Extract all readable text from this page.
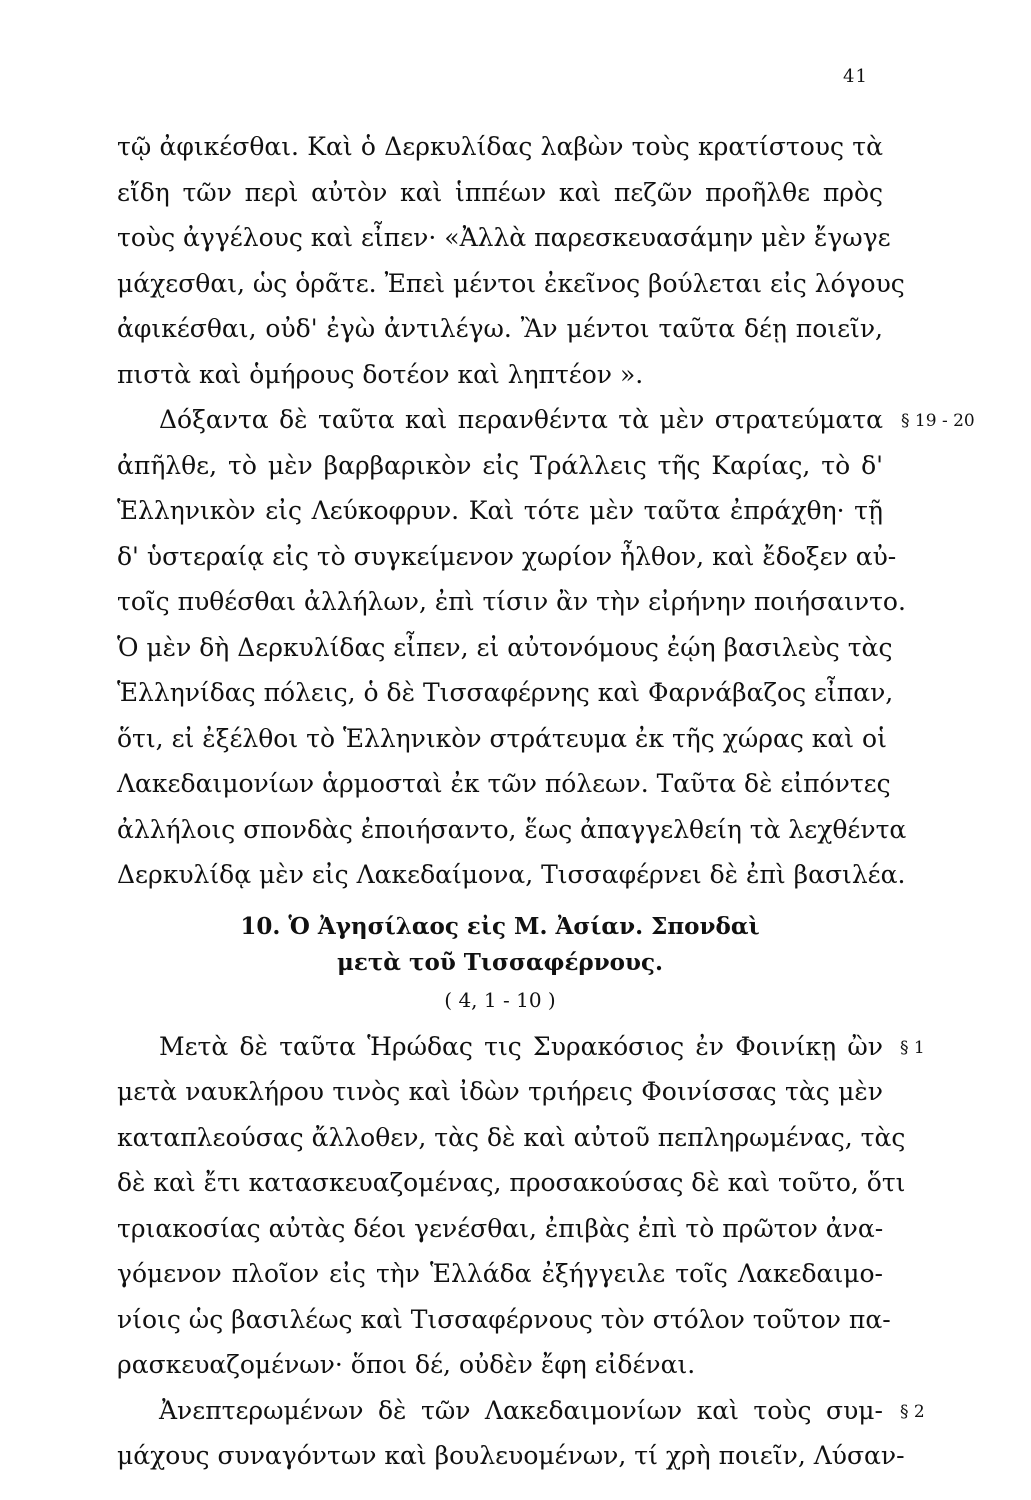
41
τῷ ἀφικέσθαι. Καὶ ὁ Δερκυλίδας λαβὼν τοὺς κρατίστους τὰ
εἴδη τῶν περὶ αὐτὸν καὶ ἱππέων καὶ πεζῶν προῆλθε πρὸς
τοὺς ἀγγέλους καὶ εἶπεν· «Ἀλλὰ παρεσκευασάμην μὲν ἔγωγε
μάχεσθαι, ὡς ὁρᾶτε. Ἐπεὶ μέντοι ἐκεῖνος βούλεται εἰς λόγους
ἀφικέσθαι, οὐδ' ἐγὼ ἀντιλέγω. Ἂν μέντοι ταῦτα δέῃ ποιεῖν,
πιστὰ καὶ ὁμήρους δοτέον καὶ ληπτέον ».
Δόξαντα δὲ ταῦτα καὶ περανθέντα τὰ μὲν στρατεύματα § 19 - 20
ἀπῆλθε, τὸ μὲν βαρβαρικὸν εἰς Τράλλεις τῆς Καρίας, τὸ δ'
Ἑλληνικὸν εἰς Λεύκοφρυν. Καὶ τότε μὲν ταῦτα ἐπράχθη· τῇ
δ' ὑστεραίᾳ εἰς τὸ συγκείμενον χωρίον ἦλθον, καὶ ἔδοξεν αὐ-
τοῖς πυθέσθαι ἀλλήλων, ἐπὶ τίσιν ἂν τὴν εἰρήνην ποιήσαιντο.
Ὁ μὲν δὴ Δερκυλίδας εἶπεν, εἰ αὐτονόμους ἐῴη βασιλεὺς τὰς
Ἑλληνίδας πόλεις, ὁ δὲ Τισσαφέρνης καὶ Φαρνάβαζος εἶπαν,
ὅτι, εἰ ἐξέλθοι τὸ Ἑλληνικὸν στράτευμα ἐκ τῆς χώρας καὶ οἱ
Λακεδαιμονίων ἁρμοσταὶ ἐκ τῶν πόλεων. Ταῦτα δὲ εἰπόντες
ἀλλήλοις σπονδὰς ἐποιήσαντο, ἕως ἀπαγγελθείη τὰ λεχθέντα
Δερκυλίδᾳ μὲν εἰς Λακεδαίμονα, Τισσαφέρνει δὲ ἐπὶ βασιλέα.
10. Ὁ Ἀγησίλαος εἰς Μ. Ἀσίαν. Σπονδαὶ
μετὰ τοῦ Τισσαφέρνους.
( 4, 1 - 10 )
Μετὰ δὲ ταῦτα Ἡρώδας τις Συρακόσιος ἐν Φοινίκῃ ὢν § 1
μετὰ ναυκλήρου τινὸς καὶ ἰδὼν τριήρεις Φοινίσσας τὰς μὲν
καταπλεούσας ἄλλοθεν, τὰς δὲ καὶ αὐτοῦ πεπληρωμένας, τὰς
δὲ καὶ ἔτι κατασκευαζομένας, προσακούσας δὲ καὶ τοῦτο, ὅτι
τριακοσίας αὐτὰς δέοι γενέσθαι, ἐπιβὰς ἐπὶ τὸ πρῶτον ἀνα-
γόμενον πλοῖον εἰς τὴν Ἑλλάδα ἐξήγγειλε τοῖς Λακεδαιμο-
νίοις ὡς βασιλέως καὶ Τισσαφέρνους τὸν στόλον τοῦτον πα-
ρασκευαζομένων· ὅποι δέ, οὐδὲν ἔφη εἰδέναι.
Ἀνεπτερωμένων δὲ τῶν Λακεδαιμονίων καὶ τοὺς συμ- § 2
μάχους συναγόντων καὶ βουλευομένων, τί χρὴ ποιεῖν, Λύσαν-
